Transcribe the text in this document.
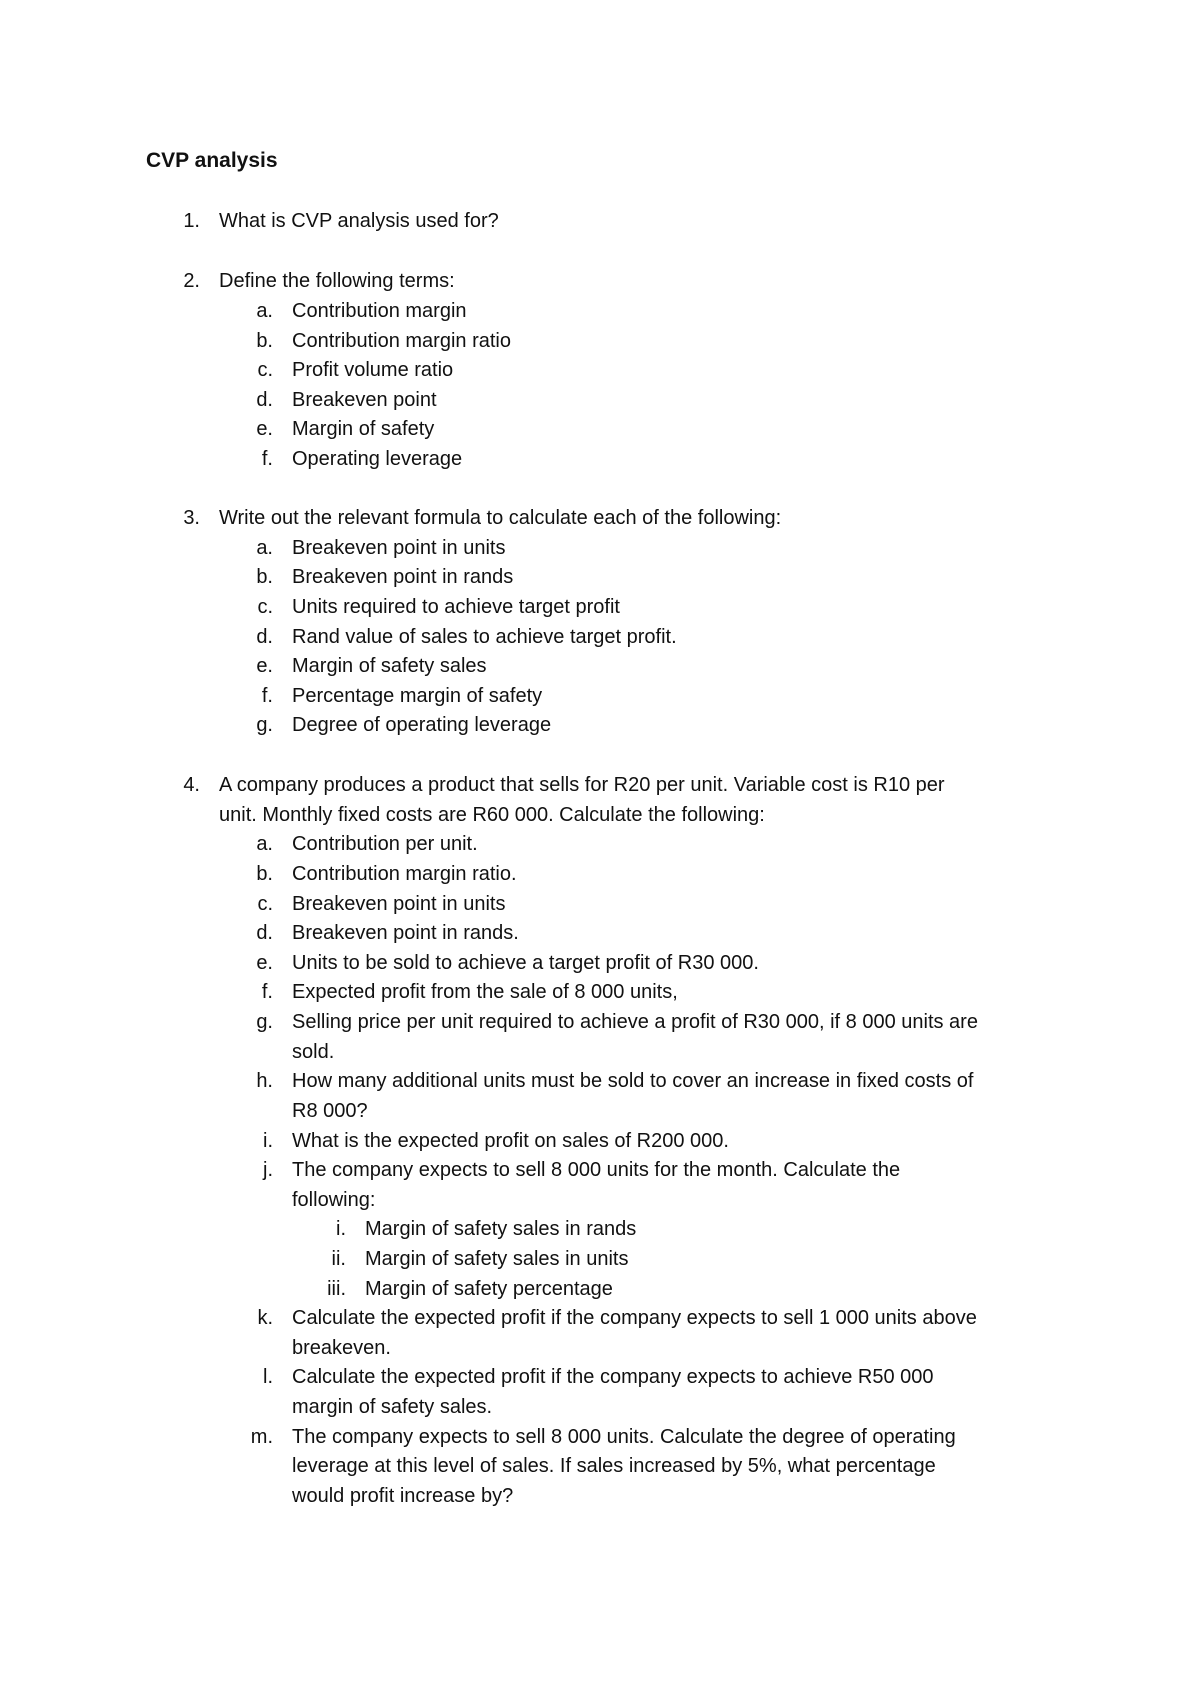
CVP analysis
1. What is CVP analysis used for?
2. Define the following terms:
a. Contribution margin
b. Contribution margin ratio
c. Profit volume ratio
d. Breakeven point
e. Margin of safety
f. Operating leverage
3. Write out the relevant formula to calculate each of the following:
a. Breakeven point in units
b. Breakeven point in rands
c. Units required to achieve target profit
d. Rand value of sales to achieve target profit.
e. Margin of safety sales
f. Percentage margin of safety
g. Degree of operating leverage
4. A company produces a product that sells for R20 per unit. Variable cost is R10 per
unit. Monthly fixed costs are R60 000. Calculate the following:
a. Contribution per unit.
b. Contribution margin ratio.
c. Breakeven point in units
d. Breakeven point in rands.
e. Units to be sold to achieve a target profit of R30 000.
f. Expected profit from the sale of 8 000 units,
g. Selling price per unit required to achieve a profit of R30 000, if 8 000 units are
sold.
h. How many additional units must be sold to cover an increase in fixed costs of
R8 000?
i. What is the expected profit on sales of R200 000.
j. The company expects to sell 8 000 units for the month. Calculate the
following:
i. Margin of safety sales in rands
ii. Margin of safety sales in units
iii. Margin of safety percentage
k. Calculate the expected profit if the company expects to sell 1 000 units above
breakeven.
l. Calculate the expected profit if the company expects to achieve R50 000
margin of safety sales.
m. The company expects to sell 8 000 units. Calculate the degree of operating
leverage at this level of sales. If sales increased by 5%, what percentage
would profit increase by?
